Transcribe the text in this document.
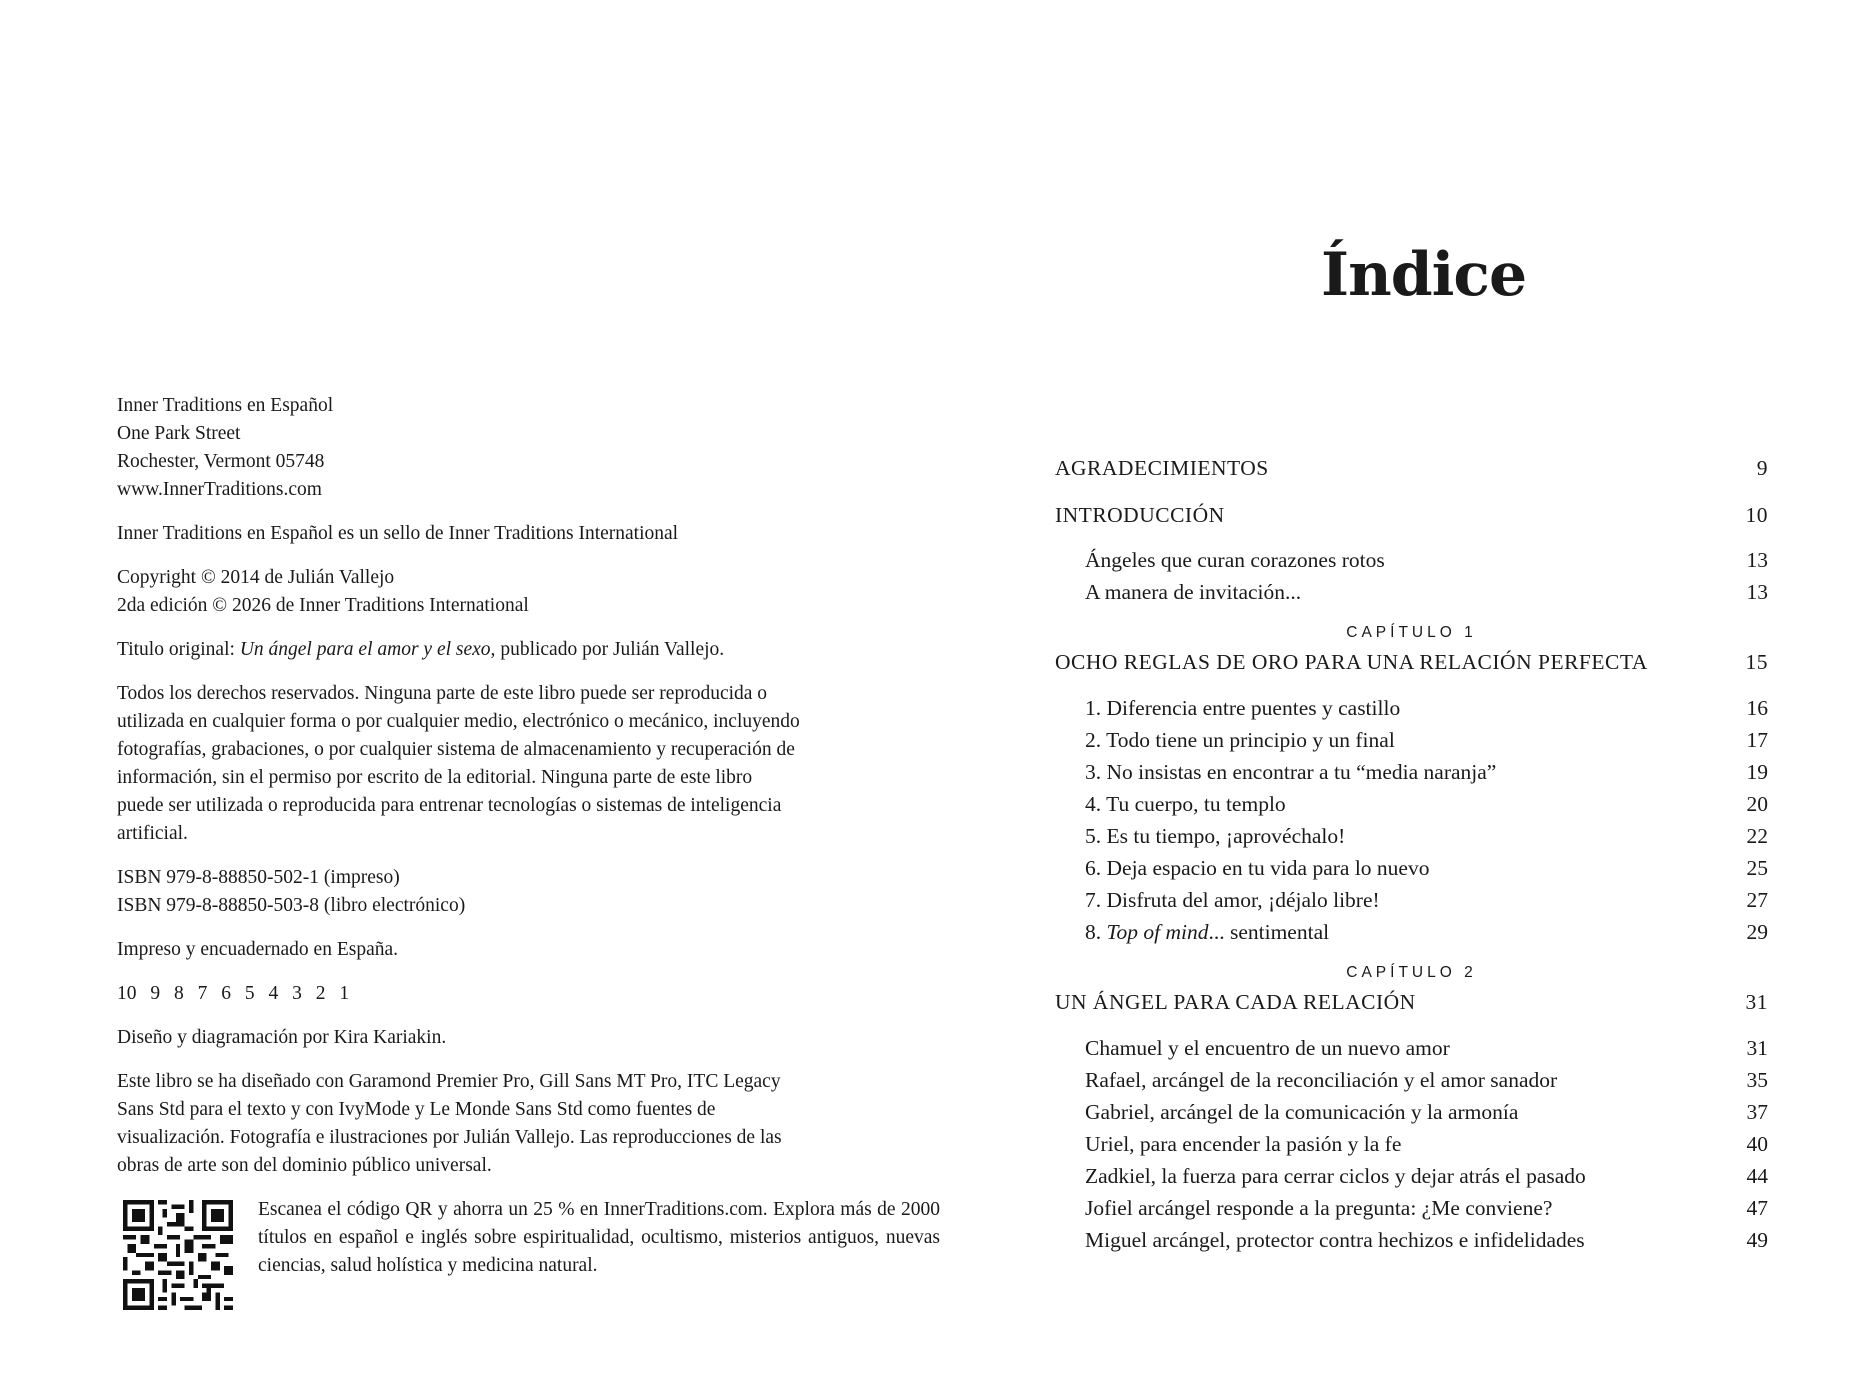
Inner Traditions en Español
One Park Street
Rochester, Vermont 05748
www.InnerTraditions.com

Inner Traditions en Español es un sello de Inner Traditions International

Copyright © 2014 de Julián Vallejo
2da edición © 2026 de Inner Traditions International

Titulo original: Un ángel para el amor y el sexo, publicado por Julián Vallejo.

Todos los derechos reservados. Ninguna parte de este libro puede ser reproducida o utilizada en cualquier forma o por cualquier medio, electrónico o mecánico, incluyendo fotografías, grabaciones, o por cualquier sistema de almacenamiento y recuperación de información, sin el permiso por escrito de la editorial. Ninguna parte de este libro puede ser utilizada o reproducida para entrenar tecnologías o sistemas de inteligencia artificial.

ISBN 979-8-88850-502-1 (impreso)
ISBN 979-8-88850-503-8 (libro electrónico)

Impreso y encuadernado en España.

10 9 8 7 6 5 4 3 2 1

Diseño y diagramación por Kira Kariakin.

Este libro se ha diseñado con Garamond Premier Pro, Gill Sans MT Pro, ITC Legacy Sans Std para el texto y con IvyMode y Le Monde Sans Std como fuentes de visualización. Fotografía e ilustraciones por Julián Vallejo. Las reproducciones de las obras de arte son del dominio público universal.

Escanea el código QR y ahorra un 25 % en InnerTraditions.com. Explora más de 2000 títulos en español e inglés sobre espiritualidad, ocultismo, misterios antiguos, nuevas ciencias, salud holística y medicina natural.
Índice
AGRADECIMIENTOS	9
INTRODUCCIÓN	10
Ángeles que curan corazones rotos	13
A manera de invitación...	13
CAPÍTULO 1
OCHO REGLAS DE ORO PARA UNA RELACIÓN PERFECTA	15
1. Diferencia entre puentes y castillo	16
2. Todo tiene un principio y un final	17
3. No insistas en encontrar a tu “media naranja”	19
4. Tu cuerpo, tu templo	20
5. Es tu tiempo, ¡aprovéchalo!	22
6. Deja espacio en tu vida para lo nuevo	25
7. Disfruta del amor, ¡déjalo libre!	27
8. Top of mind... sentimental	29
CAPÍTULO 2
UN ÁNGEL PARA CADA RELACIÓN	31
Chamuel y el encuentro de un nuevo amor	31
Rafael, arcángel de la reconciliación y el amor sanador	35
Gabriel, arcángel de la comunicación y la armonía	37
Uriel, para encender la pasión y la fe	40
Zadkiel, la fuerza para cerrar ciclos y dejar atrás el pasado	44
Jofiel arcángel responde a la pregunta: ¿Me conviene?	47
Miguel arcángel, protector contra hechizos e infidelidades	49
